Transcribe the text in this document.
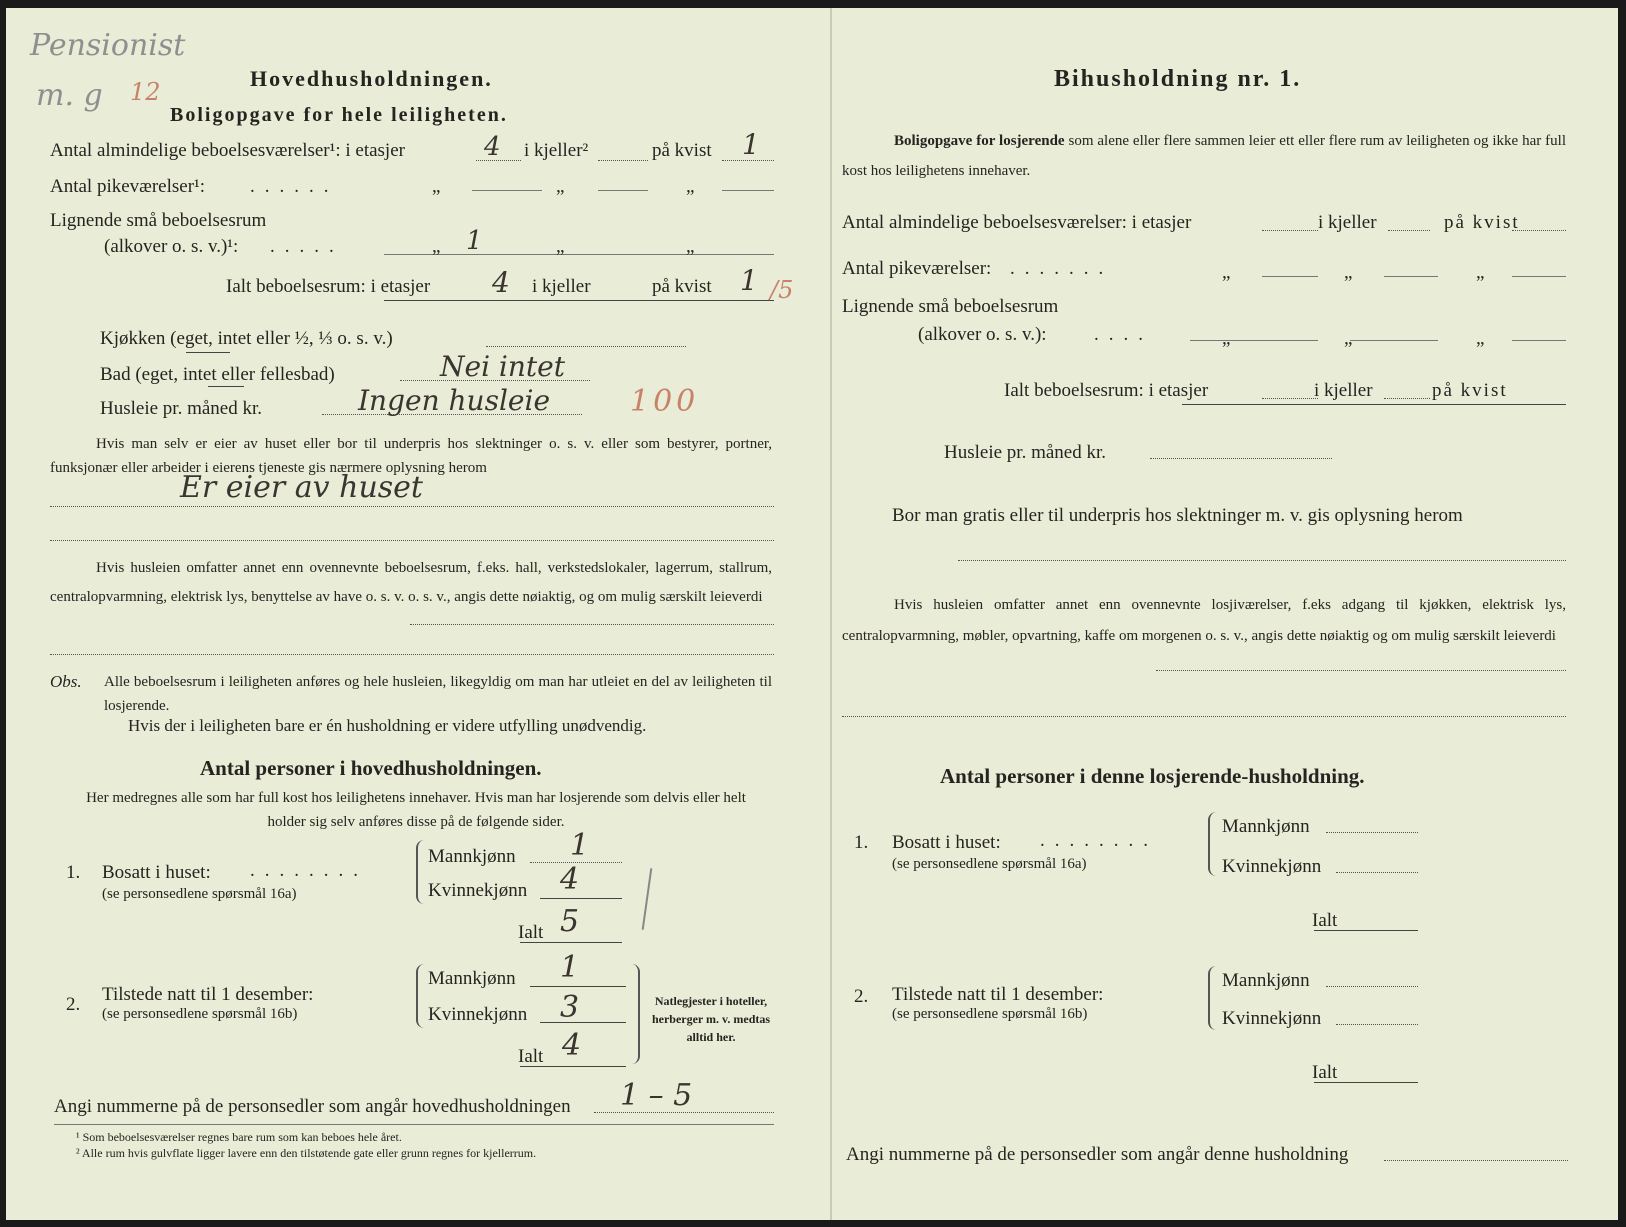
Pensionist
m. g 12	Hovedhusholdningen.
Boligopgave for hele leiligheten.
Antal almindelige beboelsesværelser¹: i etasjer	4 i kjeller²	på kvist 1
Antal pikeværelser¹: ......	„	„	„
Lignende små beboelsesrum
(alkover o. s. v.)¹: .....	„ 1	„	„
Ialt beboelsesrum: i etasjer 4 i kjeller	på kvist 1 /5
Kjøkken (eget, intet eller ½, ⅓ o. s. v.)
Bad (eget, intet eller fellesbad)	Nei intet
Husleie pr. måned kr.	Ingen husleie	100
Hvis man selv er eier av huset eller bor til underpris hos slektninger o. s. v. eller som bestyrer, portner, funksjonær eller arbeider i eierens tjeneste gis nærmere oplysning herom
Er eier av huset
Hvis husleien omfatter annet enn ovennevnte beboelsesrum, f.eks. hall, verkstedslokaler, lagerrum, stallrum, centralopvarmning, elektrisk lys, benyttelse av have o. s. v. o. s. v., angis dette nøiaktig, og om mulig særskilt leieverdi
Obs. Alle beboelsesrum i leiligheten anføres og hele husleien, likegyldig om man har utleiet en del av leiligheten til losjerende.
Hvis der i leiligheten bare er én husholdning er videre utfylling unødvendig.
Antal personer i hovedhusholdningen.
Her medregnes alle som har full kost hos leilighetens innehaver. Hvis man har losjerende som delvis eller helt holder sig selv anføres disse på de følgende sider.
1. Bosatt i huset: ........
(se personsedlene spørsmål 16a)
Mannkjønn 1
Kvinnekjønn 4
Ialt 5
2. Tilstede natt til 1 desember:
(se personsedlene spørsmål 16b)
Mannkjønn 1
Kvinnekjønn 3
Ialt 4
Natlegjester i hoteller, herberger m. v. medtas alltid her.
Angi nummerne på de personsedler som angår hovedhusholdningen 1 – 5
¹ Som beboelsesværelser regnes bare rum som kan beboes hele året.
² Alle rum hvis gulvflate ligger lavere enn den tilstøtende gate eller grunn regnes for kjellerrum.
Bihusholdning nr. 1.
Boligopgave for losjerende som alene eller flere sammen leier ett eller flere rum av leiligheten og ikke har full kost hos leilighetens innehaver.
Antal almindelige beboelsesværelser: i etasjer	i kjeller	på kvist
Antal pikeværelser: .......	„	„	„
Lignende små beboelsesrum
(alkover o. s. v.): ....	„	„	„
Ialt beboelsesrum: i etasjer	i kjeller	på kvist
Husleie pr. måned kr.
Bor man gratis eller til underpris hos slektninger m. v. gis oplysning herom
Hvis husleien omfatter annet enn ovennevnte losjiværelser, f.eks adgang til kjøkken, elektrisk lys, centralopvarmning, møbler, opvartning, kaffe om morgenen o. s. v., angis dette nøiaktig og om mulig særskilt leieverdi
Antal personer i denne losjerende-husholdning.
1. Bosatt i huset: ........
(se personsedlene spørsmål 16a)
Mannkjønn
Kvinnekjønn
Ialt
2. Tilstede natt til 1 desember:
(se personsedlene spørsmål 16b)
Mannkjønn
Kvinnekjønn
Ialt
Angi nummerne på de personsedler som angår denne husholdning
